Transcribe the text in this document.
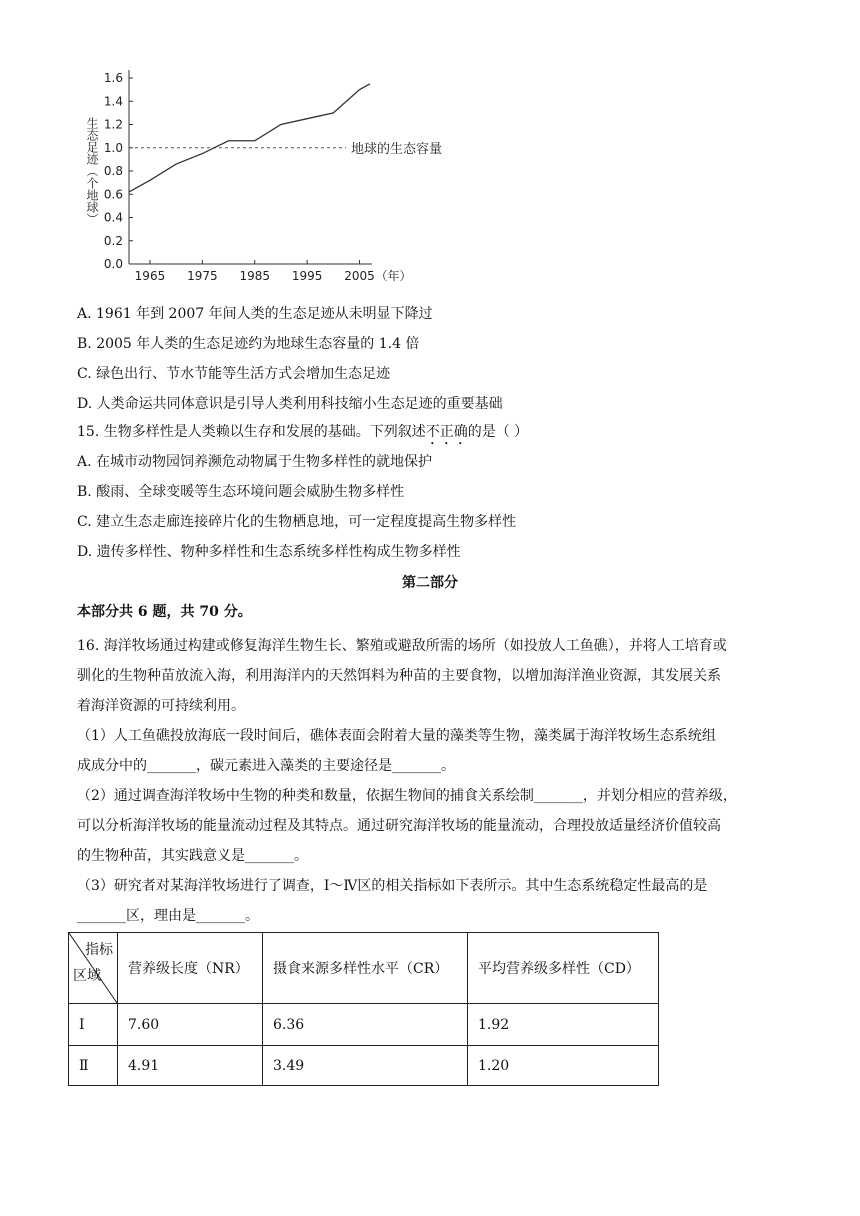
0.0
0.2
0.4
0.6
0.8
1.0
1.2
1.4
1.6
1965 1975 1985 1995 2005 （年）
生态足迹（个地球）	地球的生态容量
A. 1961 年到 2007 年间人类的生态足迹从未明显下降过
B. 2005 年人类的生态足迹约为地球生态容量的 1.4 倍
C. 绿色出行、节水节能等生活方式会增加生态足迹
D. 人类命运共同体意识是引导人类利用科技缩小生态足迹的重要基础
15. 生物多样性是人类赖以生存和发展的基础。下列叙述不正确的是（ ）
A. 在城市动物园饲养濒危动物属于生物多样性的就地保护
B. 酸雨、全球变暖等生态环境问题会威胁生物多样性
C. 建立生态走廊连接碎片化的生物栖息地，可一定程度提高生物多样性
D. 遗传多样性、物种多样性和生态系统多样性构成生物多样性
第二部分
本部分共 6 题，共 70 分。
16. 海洋牧场通过构建或修复海洋生物生长、繁殖或避敌所需的场所（如投放人工鱼礁），并将人工培育或
驯化的生物种苗放流入海，利用海洋内的天然饵料为种苗的主要食物，以增加海洋渔业资源，其发展关系
着海洋资源的可持续利用。
（1）人工鱼礁投放海底一段时间后，礁体表面会附着大量的藻类等生物，藻类属于海洋牧场生态系统组
成成分中的_______，碳元素进入藻类的主要途径是_______。
（2）通过调查海洋牧场中生物的种类和数量，依据生物间的捕食关系绘制_______，并划分相应的营养级，
可以分析海洋牧场的能量流动过程及其特点。通过研究海洋牧场的能量流动，合理投放适量经济价值较高
的生物种苗，其实践意义是_______。
（3）研究者对某海洋牧场进行了调查，Ⅰ～Ⅳ区的相关指标如下表所示。其中生态系统稳定性最高的是
_______区，理由是_______。
指标
区域	营养级长度（NR）	摄食来源多样性水平（CR）	平均营养级多样性（CD）
Ⅰ	7.60	6.36	1.92
Ⅱ	4.91	3.49	1.20
